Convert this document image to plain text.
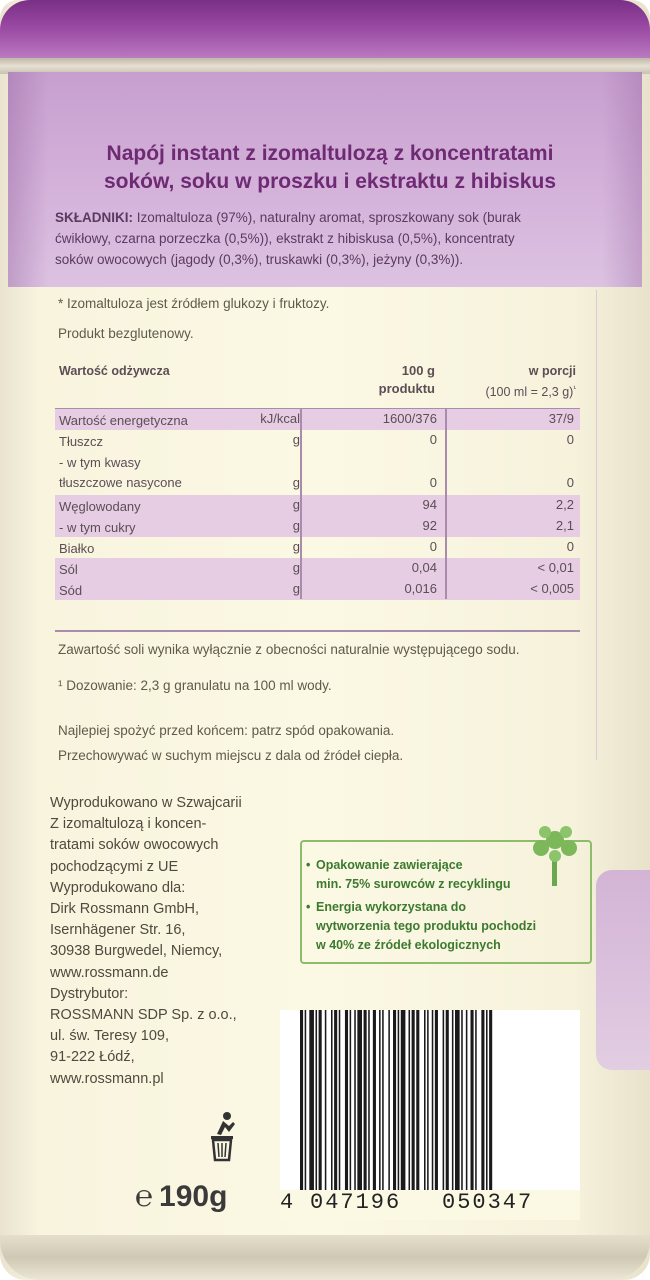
Napój instant z izomaltulozą z koncentratami
soków, soku w proszku i ekstraktu z hibiskus
SKŁADNIKI: Izomaltuloza (97%), naturalny aromat, sproszkowany sok (burak
ćwikłowy, czarna porzeczka (0,5%)), ekstrakt z hibiskusa (0,5%), koncentraty
soków owocowych (jagody (0,3%), truskawki (0,3%), jeżyny (0,3%)).
* Izomaltuloza jest źródłem glukozy i fruktozy.
Produkt bezglutenowy.
Wartość odżywcza	100 g
produktu
w porcji
(100 ml = 2,3 g)$^{^1}$
Wartość energetyczna	kJ/kcal	1600/376	37/9
Tłuszcz	g	0	0
- w tym kwasy
tłuszczowe nasycone	g	0	0
Węglowodany	g	94	2,2
- w tym cukry	g	92	2,1
Białko	g	0	0
Sól	g	0,04	< 0,01
Sód	g	0,016	< 0,005
Zawartość soli wynika wyłącznie z obecności naturalnie występującego sodu.
¹ Dozowanie: 2,3 g granulatu na 100 ml wody.
Najlepiej spożyć przed końcem: patrz spód opakowania.
Przechowywać w suchym miejscu z dala od źródeł ciepła.
Wyprodukowano w Szwajcarii
Z izomaltulozą i koncen-
tratami soków owocowych
pochodzącymi z UE
Wyprodukowano dla:
Dirk Rossmann GmbH,
Isernhägener Str. 16,
30938 Burgwedel, Niemcy,
www.rossmann.de
Dystrybutor:
ROSSMANN SDP Sp. z o.o.,
ul. św. Teresy 109,
91-222 Łódź,
www.rossmann.pl
• Opakowanie zawierające
min. 75% surowców z recyklingu
• Energia wykorzystana do
wytworzenia tego produktu pochodzi
w 40% ze źródeł ekologicznych
℮ 190g 4 047196 050347
